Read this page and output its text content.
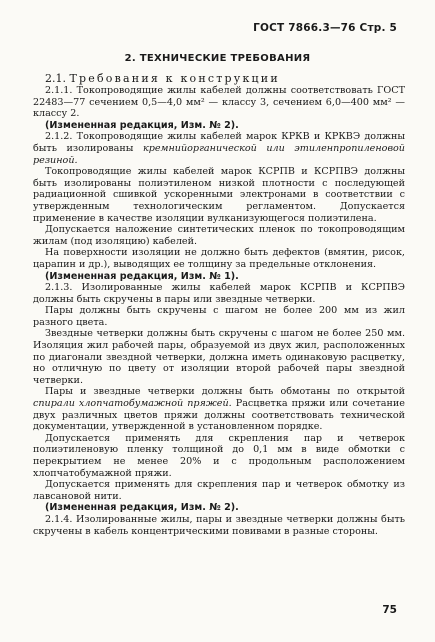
ГОСТ 7866.3—76 Стр. 5
2. ТЕХНИЧЕСКИЕ ТРЕБОВАНИЯ

2.1. Требования к конструкции

2.1.1. Токопроводящие жилы кабелей должны соответствовать ГОСТ 22483—77 сечением 0,5—4,0 мм² — классу 3, сечением 6,0—400 мм² — классу 2.

(Измененная редакция, Изм. № 2).

2.1.2. Токопроводящие жилы кабелей марок КРКВ и КРКВЭ должны быть изолированы кремнийорганической или этиленпропиленовой резиной.

Токопроводящие жилы кабелей марок КСРПВ и КСРПВЭ должны быть изолированы полиэтиленом низкой плотности с последующей радиационной сшивкой ускоренными электронами в соответствии с утвержденным технологическим регламентом. Допускается применение в качестве изоляции вулканизующегося полиэтилена.

Допускается наложение синтетических пленок по токопроводящим жилам (под изоляцию) кабелей.

На поверхности изоляции не должно быть дефектов (вмятин, рисок, царапин и др.), выводящих ее толщину за предельные отклонения.

(Измененная редакция, Изм. № 1).

2.1.3. Изолированные жилы кабелей марок КСРПВ и КСРПВЭ должны быть скручены в пары или звездные четверки.

Пары должны быть скручены с шагом не более 200 мм из жил разного цвета.

Звездные четверки должны быть скручены с шагом не более 250 мм. Изоляция жил рабочей пары, образуемой из двух жил, расположенных по диагонали звездной четверки, должна иметь одинаковую расцветку, но отличную по цвету от изоляции второй рабочей пары звездной четверки.

Пары и звездные четверки должны быть обмотаны по открытой спирали хлопчатобумажной пряжей. Расцветка пряжи или сочетание двух различных цветов пряжи должны соответствовать технической документации, утвержденной в установленном порядке.

Допускается применять для скрепления пар и четверок полиэтиленовую пленку толщиной до 0,1 мм в виде обмотки с перекрытием не менее 20% и с продольным расположением хлопчатобумажной пряжи.

Допускается применять для скрепления пар и четверок обмотку из лавсановой нити.

(Измененная редакция, Изм. № 2).

2.1.4. Изолированные жилы, пары и звездные четверки должны быть скручены в кабель концентрическими повивами в разные стороны.

75
